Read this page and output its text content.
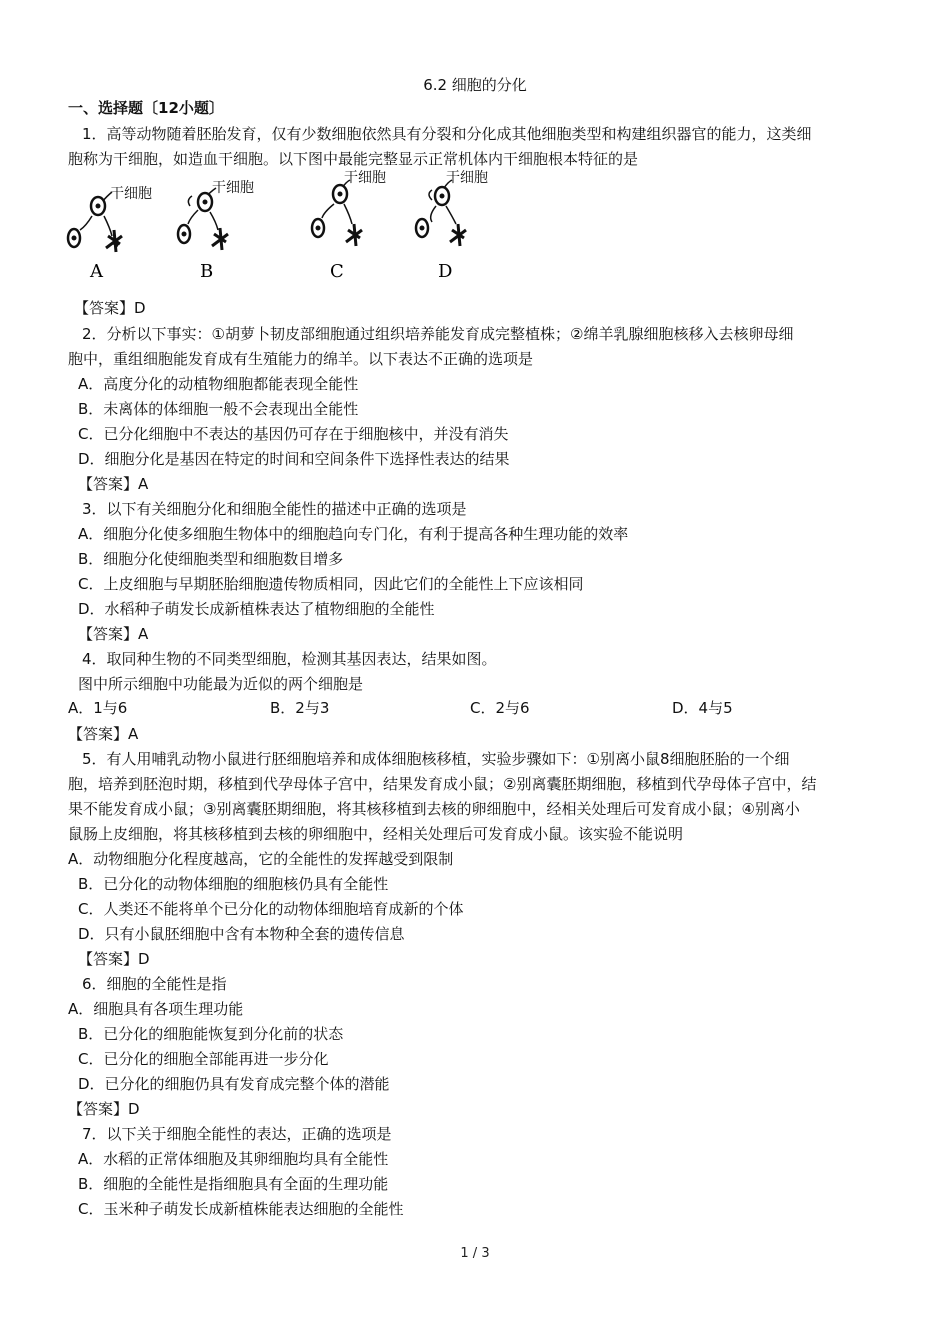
6.2 细胞的分化
一、选择题〔12小题〕
1．高等动物随着胚胎发育，仅有少数细胞依然具有分裂和分化成其他细胞类型和构建组织器官的能力，这类细
胞称为干细胞，如造血干细胞。以下图中最能完整显示正常机体内干细胞根本特征的是
干细胞
A
干细胞
B
干细胞
C
干细胞
D
【答案】D
2．分析以下事实：①胡萝卜韧皮部细胞通过组织培养能发育成完整植株；②绵羊乳腺细胞核移入去核卵母细
胞中，重组细胞能发育成有生殖能力的绵羊。以下表达不正确的选项是
A．高度分化的动植物细胞都能表现全能性
B．未离体的体细胞一般不会表现出全能性
C．已分化细胞中不表达的基因仍可存在于细胞核中，并没有消失
D．细胞分化是基因在特定的时间和空间条件下选择性表达的结果
【答案】A
3．以下有关细胞分化和细胞全能性的描述中正确的选项是
A．细胞分化使多细胞生物体中的细胞趋向专门化，有利于提高各种生理功能的效率
B．细胞分化使细胞类型和细胞数目增多
C．上皮细胞与早期胚胎细胞遗传物质相同，因此它们的全能性上下应该相同
D．水稻种子萌发长成新植株表达了植物细胞的全能性
【答案】A
4．取同种生物的不同类型细胞，检测其基因表达，结果如图。
图中所示细胞中功能最为近似的两个细胞是
A．1与6	B．2与3	C．2与6	D．4与5
【答案】A
5．有人用哺乳动物小鼠进行胚细胞培养和成体细胞核移植，实验步骤如下：①别离小鼠8细胞胚胎的一个细
胞，培养到胚泡时期，移植到代孕母体子宫中，结果发育成小鼠；②别离囊胚期细胞，移植到代孕母体子宫中，结
果不能发育成小鼠；③别离囊胚期细胞，将其核移植到去核的卵细胞中，经相关处理后可发育成小鼠；④别离小
鼠肠上皮细胞，将其核移植到去核的卵细胞中，经相关处理后可发育成小鼠。该实验不能说明
A．动物细胞分化程度越高，它的全能性的发挥越受到限制
B．已分化的动物体细胞的细胞核仍具有全能性
C．人类还不能将单个已分化的动物体细胞培育成新的个体
D．只有小鼠胚细胞中含有本物种全套的遗传信息
【答案】D
6．细胞的全能性是指
A．细胞具有各项生理功能
B．已分化的细胞能恢复到分化前的状态
C．已分化的细胞全部能再进一步分化
D．已分化的细胞仍具有发育成完整个体的潜能
【答案】D
7．以下关于细胞全能性的表达，正确的选项是
A．水稻的正常体细胞及其卵细胞均具有全能性
B．细胞的全能性是指细胞具有全面的生理功能
C．玉米种子萌发长成新植株能表达细胞的全能性
1 / 3
